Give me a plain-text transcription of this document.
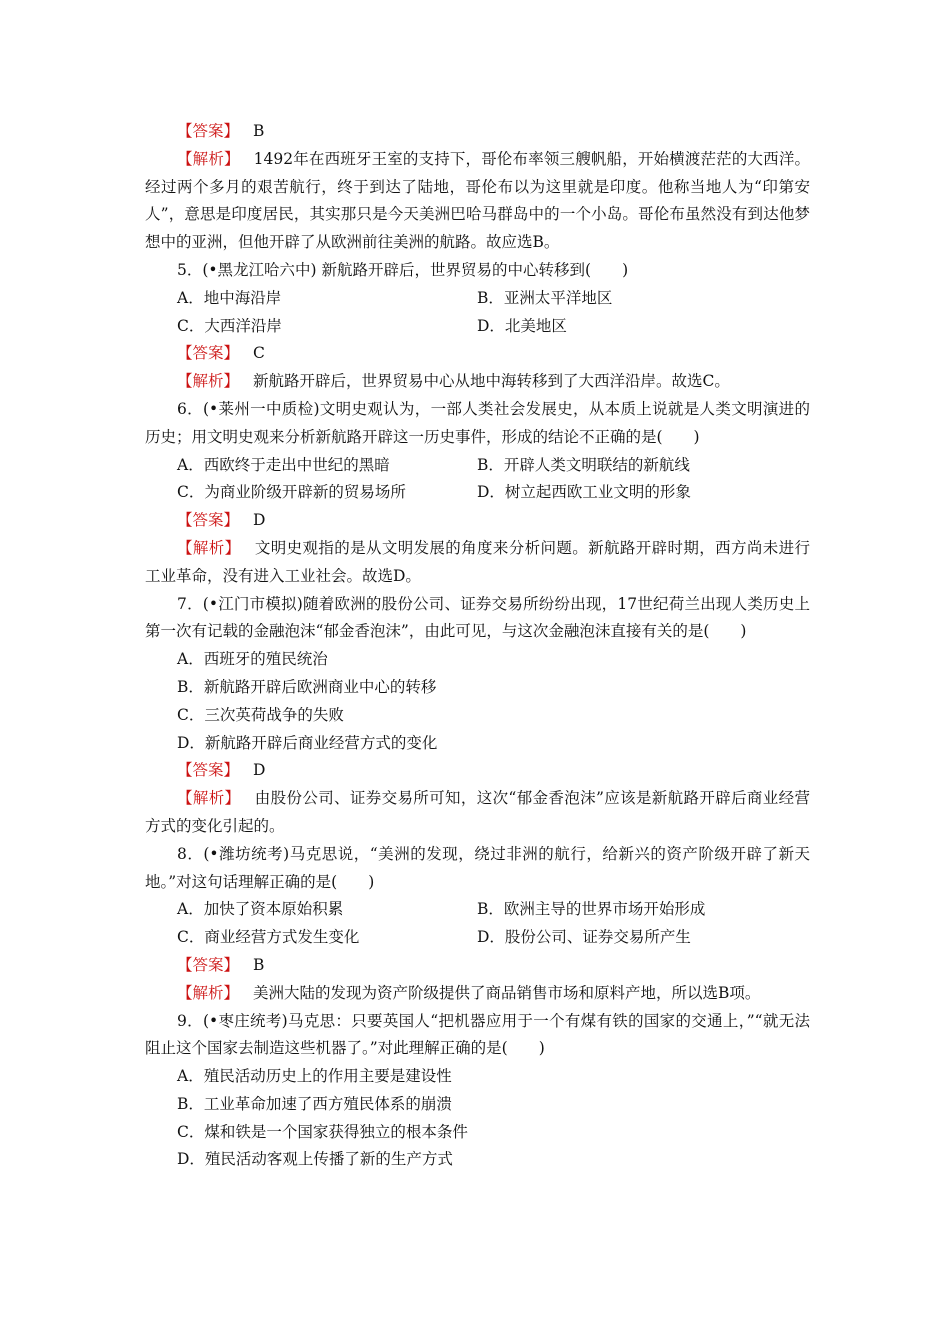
【答案】 B

【解析】 1492年在西班牙王室的支持下，哥伦布率领三艘帆船，开始横渡茫茫的大西洋。经过两个多月的艰苦航行，终于到达了陆地，哥伦布以为这里就是印度。他称当地人为“印第安人”，意思是印度居民，其实那只是今天美洲巴哈马群岛中的一个小岛。哥伦布虽然没有到达他梦想中的亚洲，但他开辟了从欧洲前往美洲的航路。故应选B。

5．(•黑龙江哈六中) 新航路开辟后，世界贸易的中心转移到(　　)

A．地中海沿岸	B．亚洲太平洋地区
C．大西洋沿岸	D．北美地区

【答案】 C

【解析】 新航路开辟后，世界贸易中心从地中海转移到了大西洋沿岸。故选C。

6．(•莱州一中质检)文明史观认为，一部人类社会发展史，从本质上说就是人类文明演进的历史；用文明史观来分析新航路开辟这一历史事件，形成的结论不正确的是(　　)

A．西欧终于走出中世纪的黑暗	B．开辟人类文明联结的新航线
C．为商业阶级开辟新的贸易场所	D．树立起西欧工业文明的形象

【答案】 D

【解析】 文明史观指的是从文明发展的角度来分析问题。新航路开辟时期，西方尚未进行工业革命，没有进入工业社会。故选D。

7．(•江门市模拟)随着欧洲的股份公司、证券交易所纷纷出现，17世纪荷兰出现人类历史上第一次有记载的金融泡沫“郁金香泡沫”，由此可见，与这次金融泡沫直接有关的是(　　)

A．西班牙的殖民统治

B．新航路开辟后欧洲商业中心的转移

C．三次英荷战争的失败

D．新航路开辟后商业经营方式的变化

【答案】 D

【解析】 由股份公司、证券交易所可知，这次“郁金香泡沫”应该是新航路开辟后商业经营方式的变化引起的。

8．(•潍坊统考)马克思说，“美洲的发现，绕过非洲的航行，给新兴的资产阶级开辟了新天地。”对这句话理解正确的是(　　)

A．加快了资本原始积累	B．欧洲主导的世界市场开始形成
C．商业经营方式发生变化	D．股份公司、证券交易所产生

【答案】 B

【解析】 美洲大陆的发现为资产阶级提供了商品销售市场和原料产地，所以选B项。

9．(•枣庄统考)马克思：只要英国人“把机器应用于一个有煤有铁的国家的交通上，”“就无法阻止这个国家去制造这些机器了。”对此理解正确的是(　　)

A．殖民活动历史上的作用主要是建设性

B．工业革命加速了西方殖民体系的崩溃

C．煤和铁是一个国家获得独立的根本条件

D．殖民活动客观上传播了新的生产方式
